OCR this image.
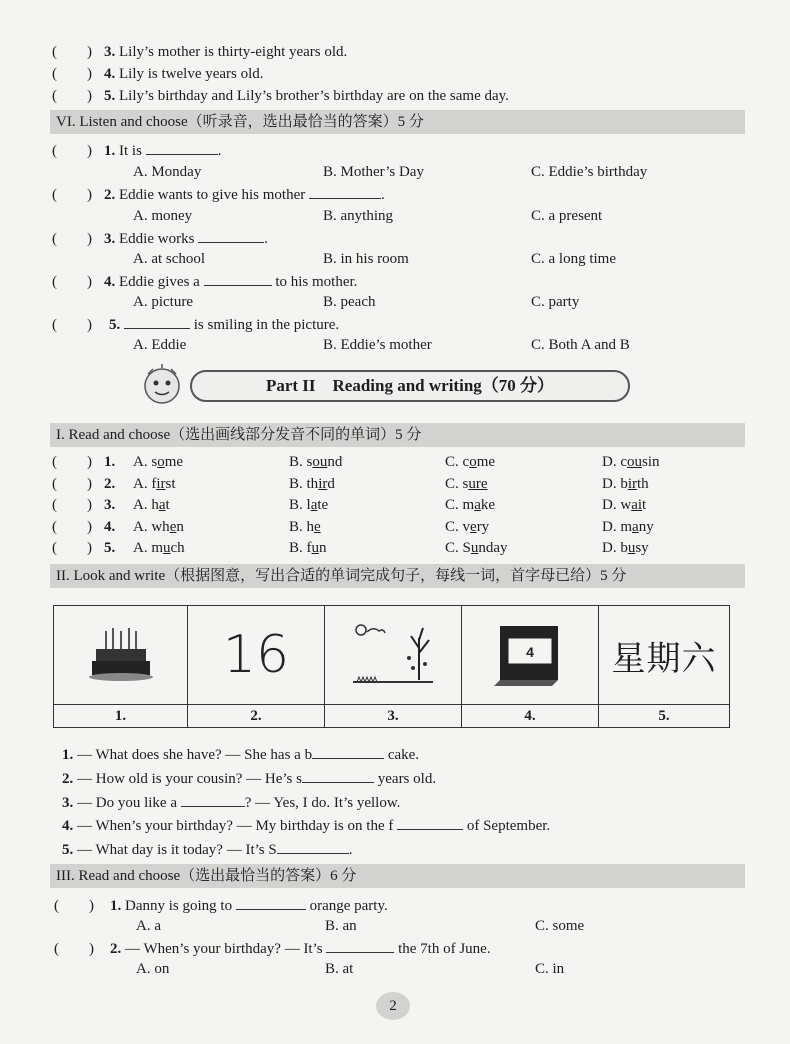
(　　) 3. Lily’s mother is thirty-eight years old.
(　　) 4. Lily is twelve years old.
(　　) 5. Lily’s birthday and Lily’s brother’s birthday are on the same day.
VI. Listen and choose（听录音，选出最恰当的答案）5 分
(　　) 1. It is	.
A. Monday	B. Mother’s Day	C. Eddie’s birthday
(　　) 2. Eddie wants to give his mother	.
A. money	B. anything	C. a present
(　　) 3. Eddie works	.
A. at school	B. in his room	C. a long time
(　　) 4. Eddie gives a	to his mother.
A. picture	B. peach	C. party
(　　) 5.	is smiling in the picture.
A. Eddie	B. Eddie’s mother	C. Both A and B
Part II　Reading and writing（70 分）
I. Read and choose（选出画线部分发音不同的单词）5 分
(　　) 1. A. some	B. sound	C. come	D. cousin
(　　) 2. A. first	B. third	C. sure	D. birth
(　　) 3. A. hat	B. late	C. make	D. wait
(　　) 4. A. when	B. he	C. very	D. many
(　　) 5. A. much	B. fun	C. Sunday	D. busy
II. Look and write（根据图意，写出合适的单词完成句子，每线一词，首字母已给）5 分
	16		4	星期六
1.	2.	3.	4.	5.
1. — What does she have? — She has a b	cake.
2. — How old is your cousin? — He’s s	years old.
3. — Do you like a	? — Yes, I do. It’s yellow.
4. — When’s your birthday? — My birthday is on the f	of September.
5. — What day is it today? — It’s S	.
III. Read and choose（选出最恰当的答案）6 分
(　　) 1. Danny is going to	orange party.
A. a	B. an	C. some
(　　) 2. — When’s your birthday? — It’s	the 7th of June.
A. on	B. at	C. in
2
